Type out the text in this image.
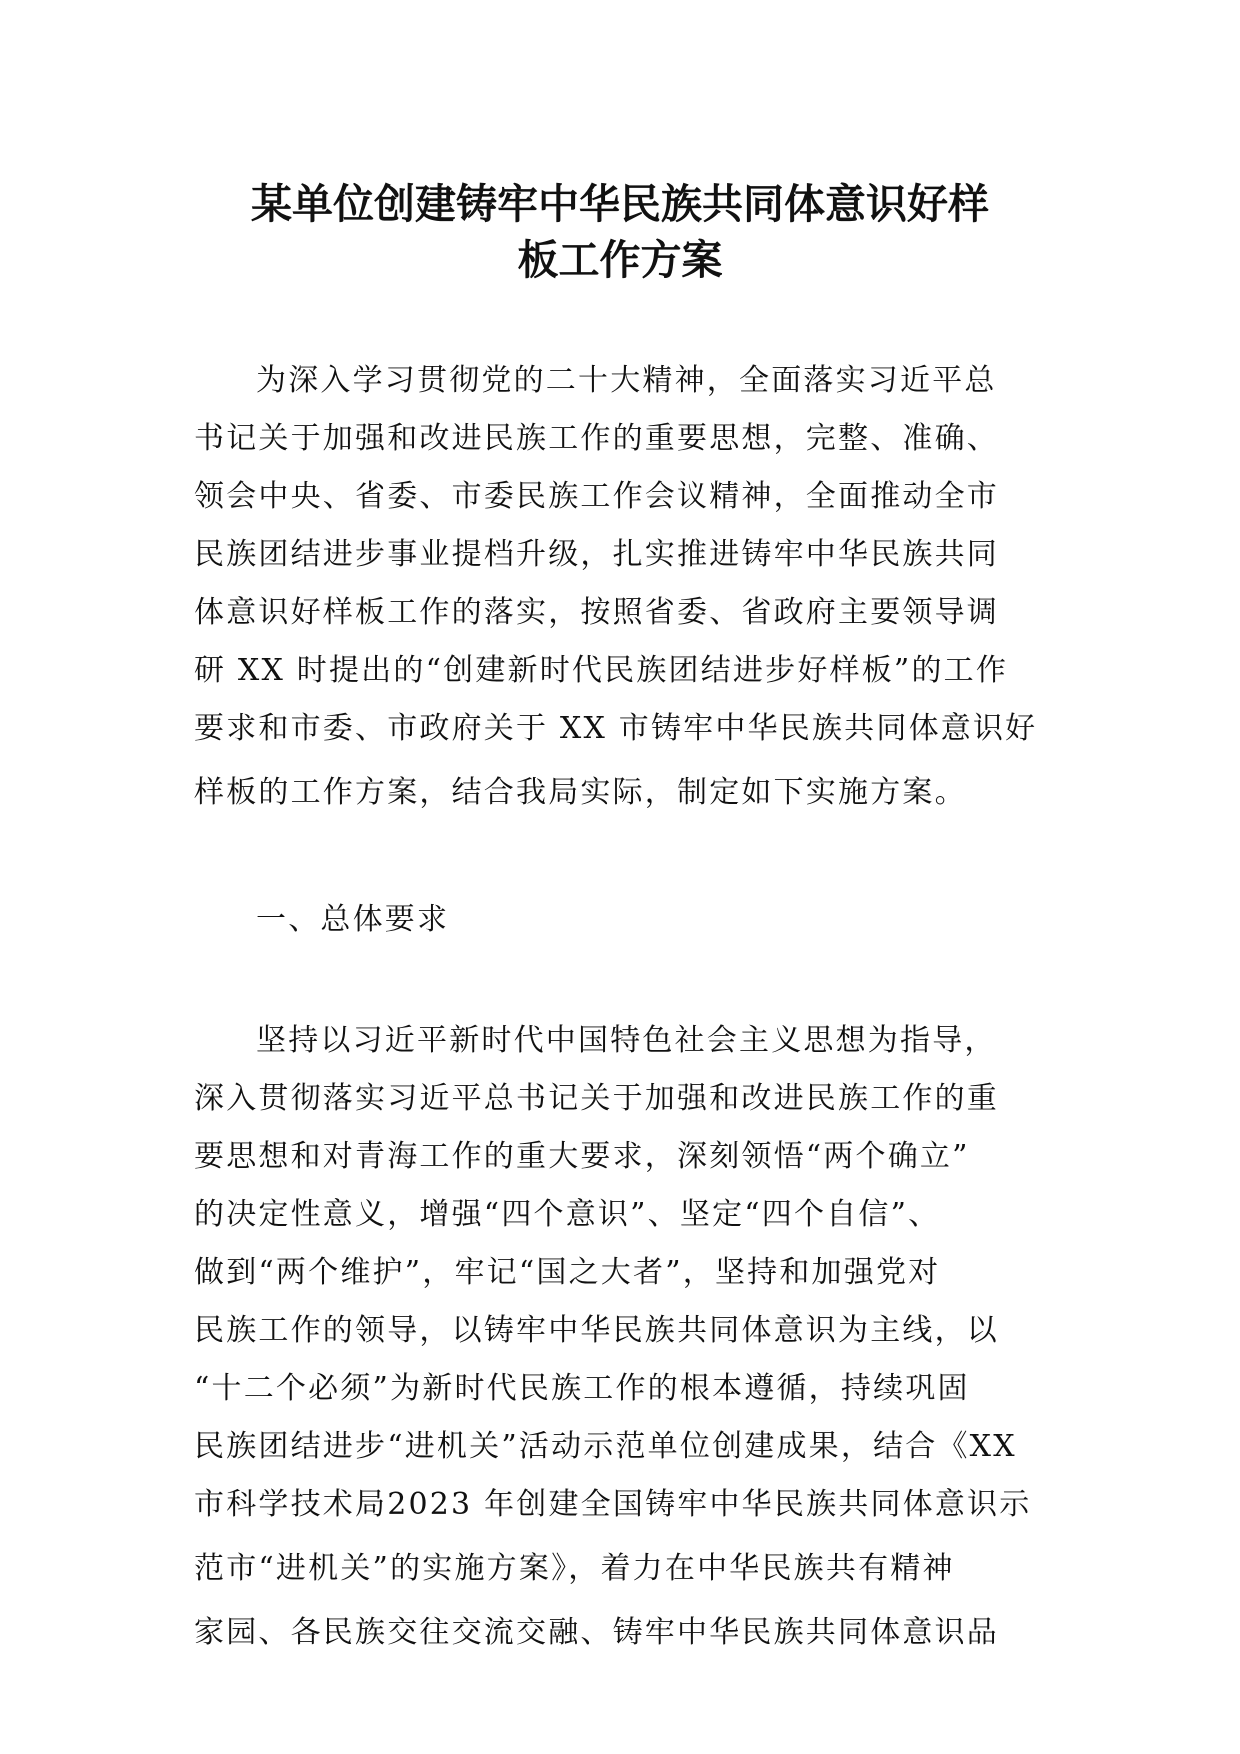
某单位创建铸牢中华民族共同体意识好样
板工作方案

为深入学习贯彻党的二十大精神，全面落实习近平总
书记关于加强和改进民族工作的重要思想，完整、准确、
领会中央、省委、市委民族工作会议精神，全面推动全市
民族团结进步事业提档升级，扎实推进铸牢中华民族共同
体意识好样板工作的落实，按照省委、省政府主要领导调
研 XX 时提出的“创建新时代民族团结进步好样板”的工作
要求和市委、市政府关于 XX 市铸牢中华民族共同体意识好
样板的工作方案，结合我局实际，制定如下实施方案。

一、总体要求

坚持以习近平新时代中国特色社会主义思想为指导，
深入贯彻落实习近平总书记关于加强和改进民族工作的重
要思想和对青海工作的重大要求，深刻领悟“两个确立”
的决定性意义，增强“四个意识”、坚定“四个自信”、
做到“两个维护”，牢记“国之大者”，坚持和加强党对
民族工作的领导，以铸牢中华民族共同体意识为主线，以
“十二个必须”为新时代民族工作的根本遵循，持续巩固
民族团结进步“进机关”活动示范单位创建成果，结合《XX
市科学技术局2023 年创建全国铸牢中华民族共同体意识示
范市“进机关”的实施方案》，着力在中华民族共有精神
家园、各民族交往交流交融、铸牢中华民族共同体意识品
